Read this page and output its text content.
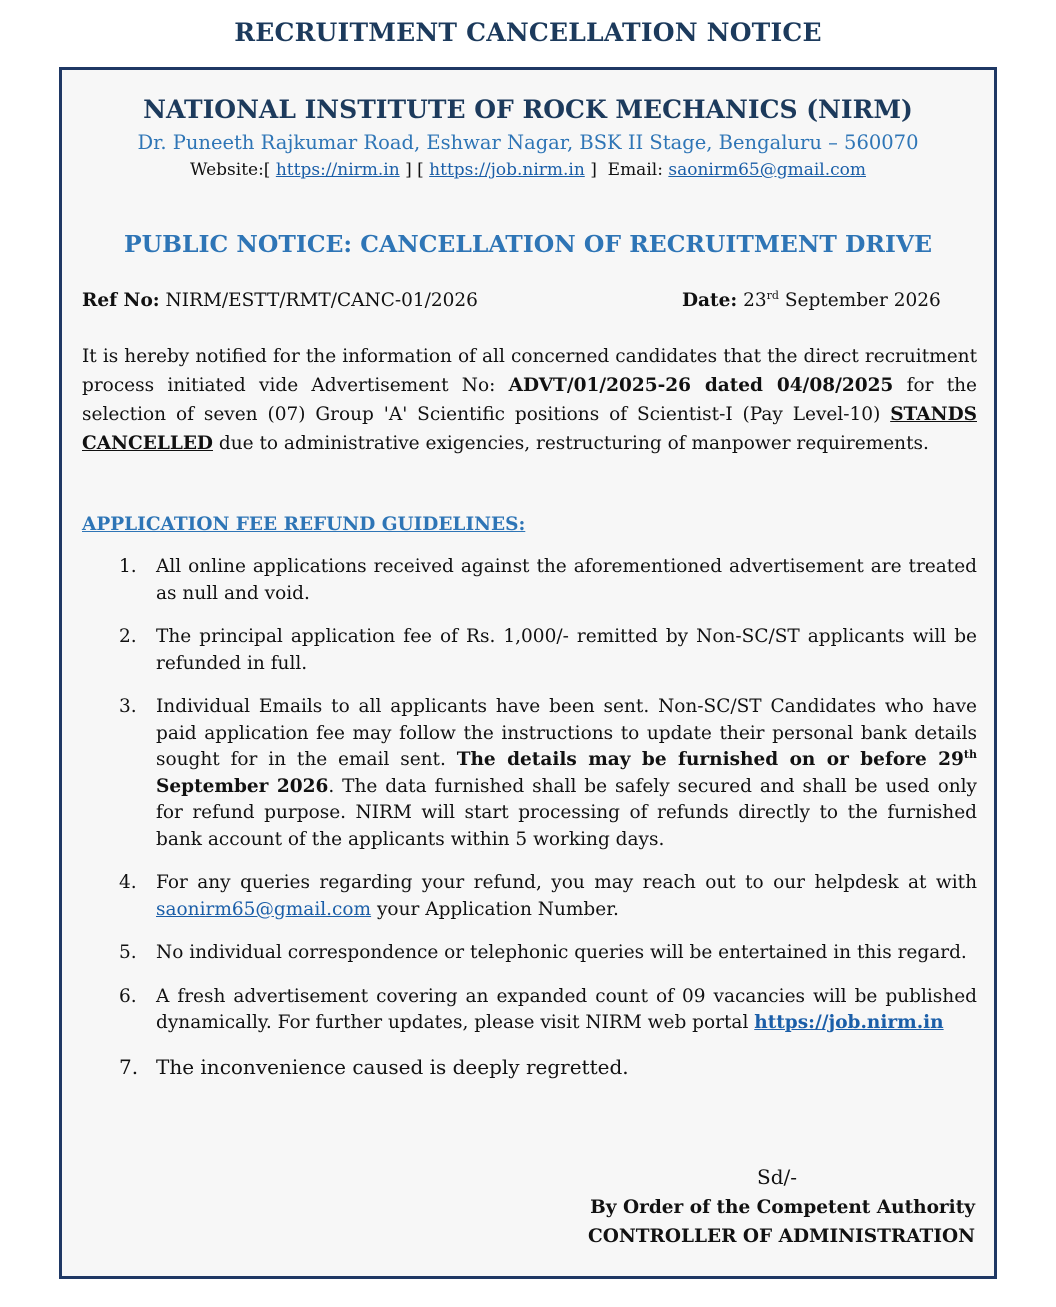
RECRUITMENT CANCELLATION NOTICE
NATIONAL INSTITUTE OF ROCK MECHANICS (NIRM)
Dr. Puneeth Rajkumar Road, Eshwar Nagar, BSK II Stage, Bengaluru – 560070
Website:[ https://nirm.in ] [ https://job.nirm.in ] Email: saonirm65@gmail.com
PUBLIC NOTICE: CANCELLATION OF RECRUITMENT DRIVE
Ref No: NIRM/ESTT/RMT/CANC-01/2026	Date: 23rd September 2026
It is hereby notified for the information of all concerned candidates that the direct recruitment process initiated vide Advertisement No: ADVT/01/2025-26 dated 04/08/2025 for the selection of seven (07) Group 'A' Scientific positions of Scientist-I (Pay Level-10) STANDS CANCELLED due to administrative exigencies, restructuring of manpower requirements.
APPLICATION FEE REFUND GUIDELINES:
1. All online applications received against the aforementioned advertisement are treated as null and void.
2. The principal application fee of Rs. 1,000/- remitted by Non-SC/ST applicants will be refunded in full.
3. Individual Emails to all applicants have been sent. Non-SC/ST Candidates who have paid application fee may follow the instructions to update their personal bank details sought for in the email sent. The details may be furnished on or before 29th September 2026. The data furnished shall be safely secured and shall be used only for refund purpose. NIRM will start processing of refunds directly to the furnished bank account of the applicants within 5 working days.
4. For any queries regarding your refund, you may reach out to our helpdesk at with saonirm65@gmail.com your Application Number.
5. No individual correspondence or telephonic queries will be entertained in this regard.
6. A fresh advertisement covering an expanded count of 09 vacancies will be published dynamically. For further updates, please visit NIRM web portal https://job.nirm.in
7. The inconvenience caused is deeply regretted.
Sd/-
By Order of the Competent Authority
CONTROLLER OF ADMINISTRATION
